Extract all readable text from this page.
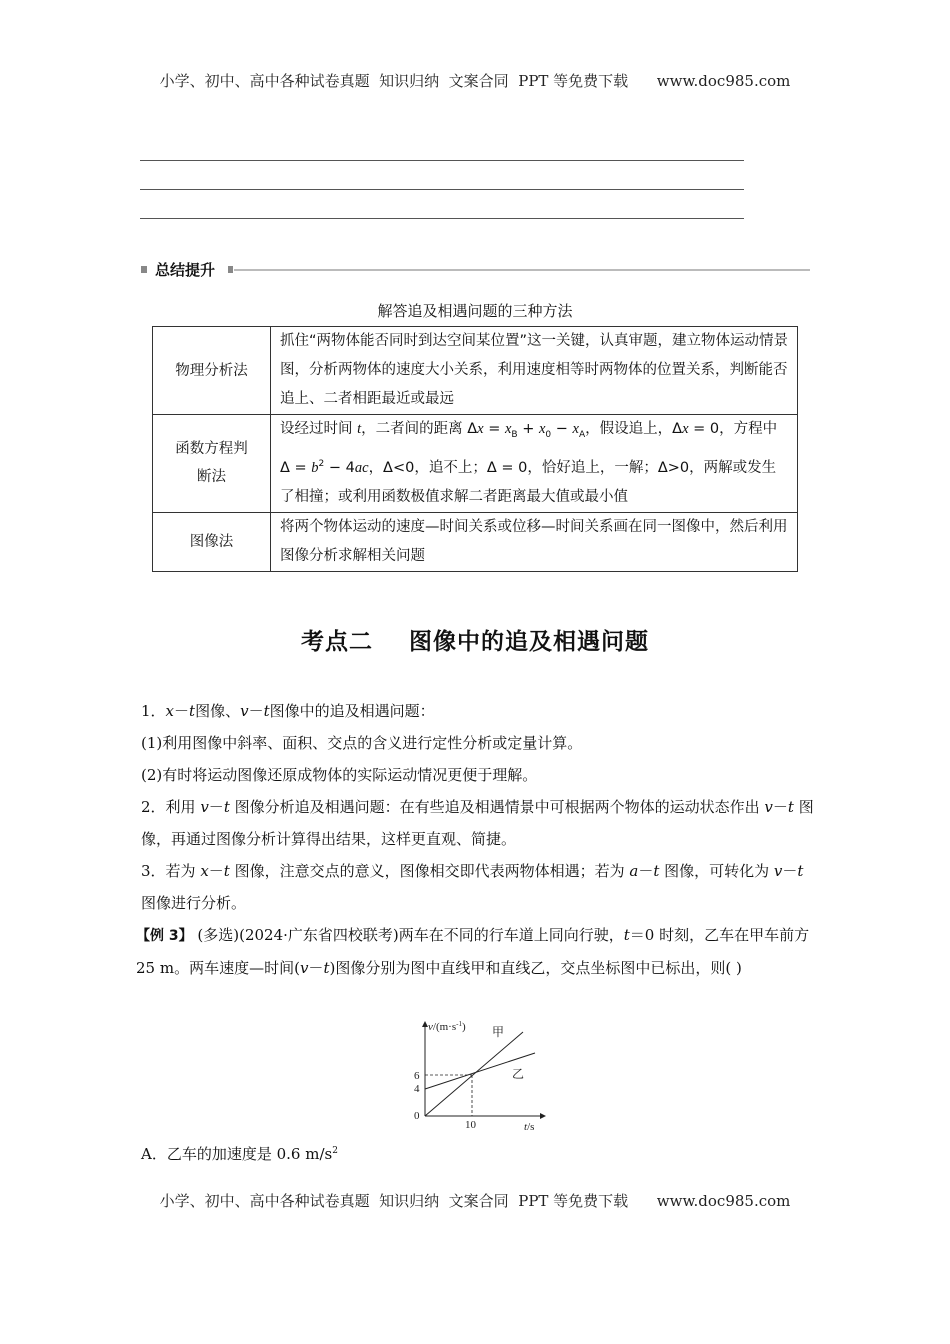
小学、初中、高中各种试卷真题  知识归纳  文案合同  PPT 等免费下载      www.doc985.com
总结提升
解答追及相遇问题的三种方法
物理分析法	抓住“两物体能否同时到达空间某位置”这一关键，认真审题，建立物体运动情景图，分析两物体的速度大小关系，利用速度相等时两物体的位置关系，判断能否追上、二者相距最近或最远
函数方程判断法	设经过时间 t，二者间的距离 $\Delta x = x_B + x_0 - x_A$，假设追上，Δx = 0，方程中 $\Delta = b^2 - 4ac$，Δ<0，追不上；Δ = 0，恰好追上，一解；Δ>0，两解或发生了相撞；或利用函数极值求解二者距离最大值或最小值
图像法	将两个物体运动的速度—时间关系或位移—时间关系画在同一图像中，然后利用图像分析求解相关问题
考点二    图像中的追及相遇问题
1．x－t图像、v－t图像中的追及相遇问题：
(1)利用图像中斜率、面积、交点的含义进行定性分析或定量计算。
(2)有时将运动图像还原成物体的实际运动情况更便于理解。
2．利用 v－t 图像分析追及相遇问题：在有些追及相遇情景中可根据两个物体的运动状态作出 v－t 图像，再通过图像分析计算得出结果，这样更直观、简捷。
3．若为 x－t 图像，注意交点的意义，图像相交即代表两物体相遇；若为 a－t 图像，可转化为 v－t 图像进行分析。
【例 3】 (多选)(2024·广东省四校联考)两车在不同的行车道上同向行驶，t＝0 时刻，乙车在甲车前方 25 m。两车速度—时间(v－t)图像分别为图中直线甲和直线乙，交点坐标图中已标出，则( )
$v/(m\cdot s^{-1})$ 甲
乙
6
4
0
10	t/s
A．乙车的加速度是 0.6 $m/s^2$
小学、初中、高中各种试卷真题  知识归纳  文案合同  PPT 等免费下载      www.doc985.com
